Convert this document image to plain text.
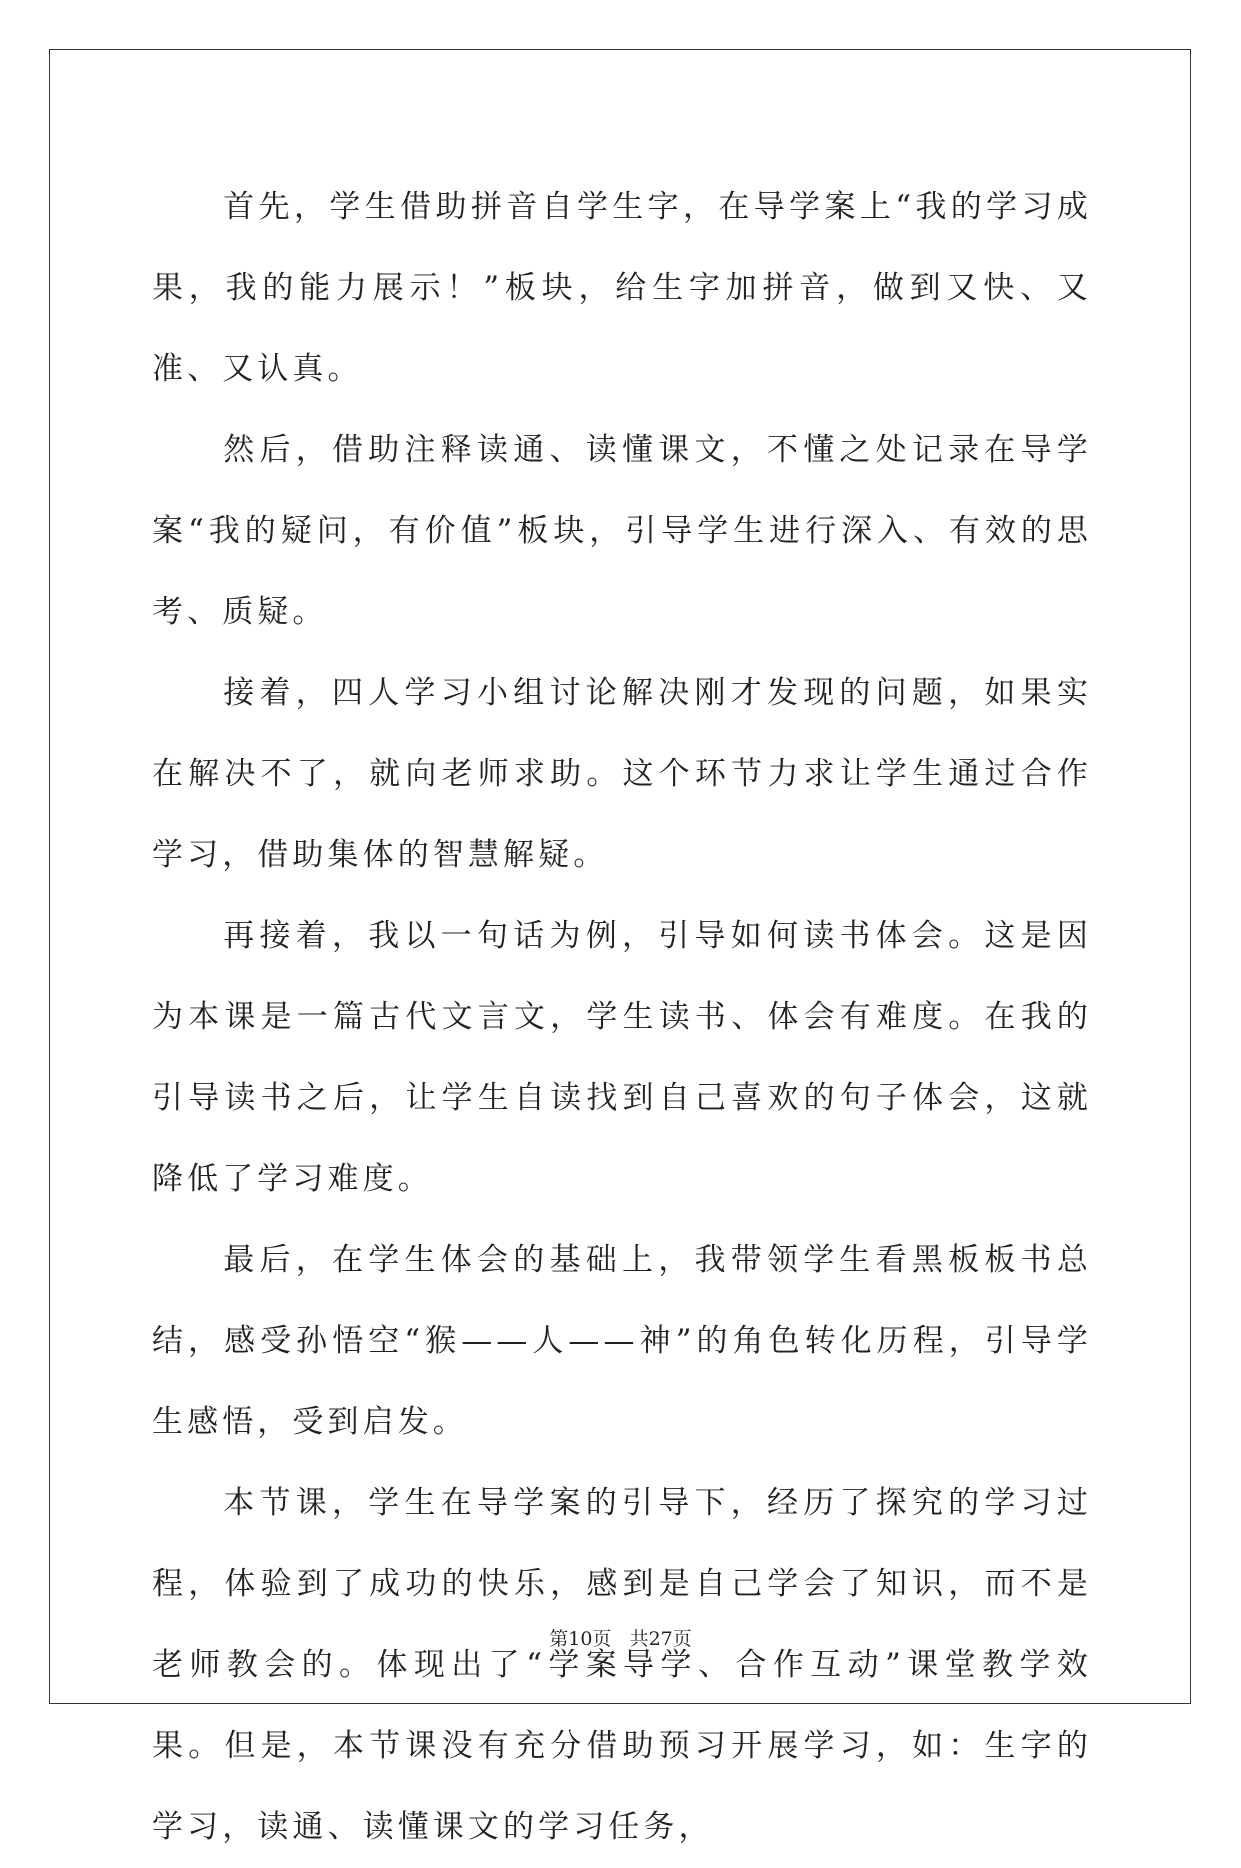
首先，学生借助拼音自学生字，在导学案上“我的学习成果，我的能力展示！”板块，给生字加拼音，做到又快、又准、又认真。

然后，借助注释读通、读懂课文，不懂之处记录在导学案“我的疑问，有价值”板块，引导学生进行深入、有效的思考、质疑。

接着，四人学习小组讨论解决刚才发现的问题，如果实在解决不了，就向老师求助。这个环节力求让学生通过合作学习，借助集体的智慧解疑。

再接着，我以一句话为例，引导如何读书体会。这是因为本课是一篇古代文言文，学生读书、体会有难度。在我的引导读书之后，让学生自读找到自己喜欢的句子体会，这就降低了学习难度。

最后，在学生体会的基础上，我带领学生看黑板板书总结，感受孙悟空“猴——人——神”的角色转化历程，引导学生感悟，受到启发。

本节课，学生在导学案的引导下，经历了探究的学习过程，体验到了成功的快乐，感到是自己学会了知识，而不是老师教会的。体现出了“学案导学、合作互动”课堂教学效果。但是，本节课没有充分借助预习开展学习，如：生字的学习，读通、读懂课文的学习任务，

第10页 共27页
